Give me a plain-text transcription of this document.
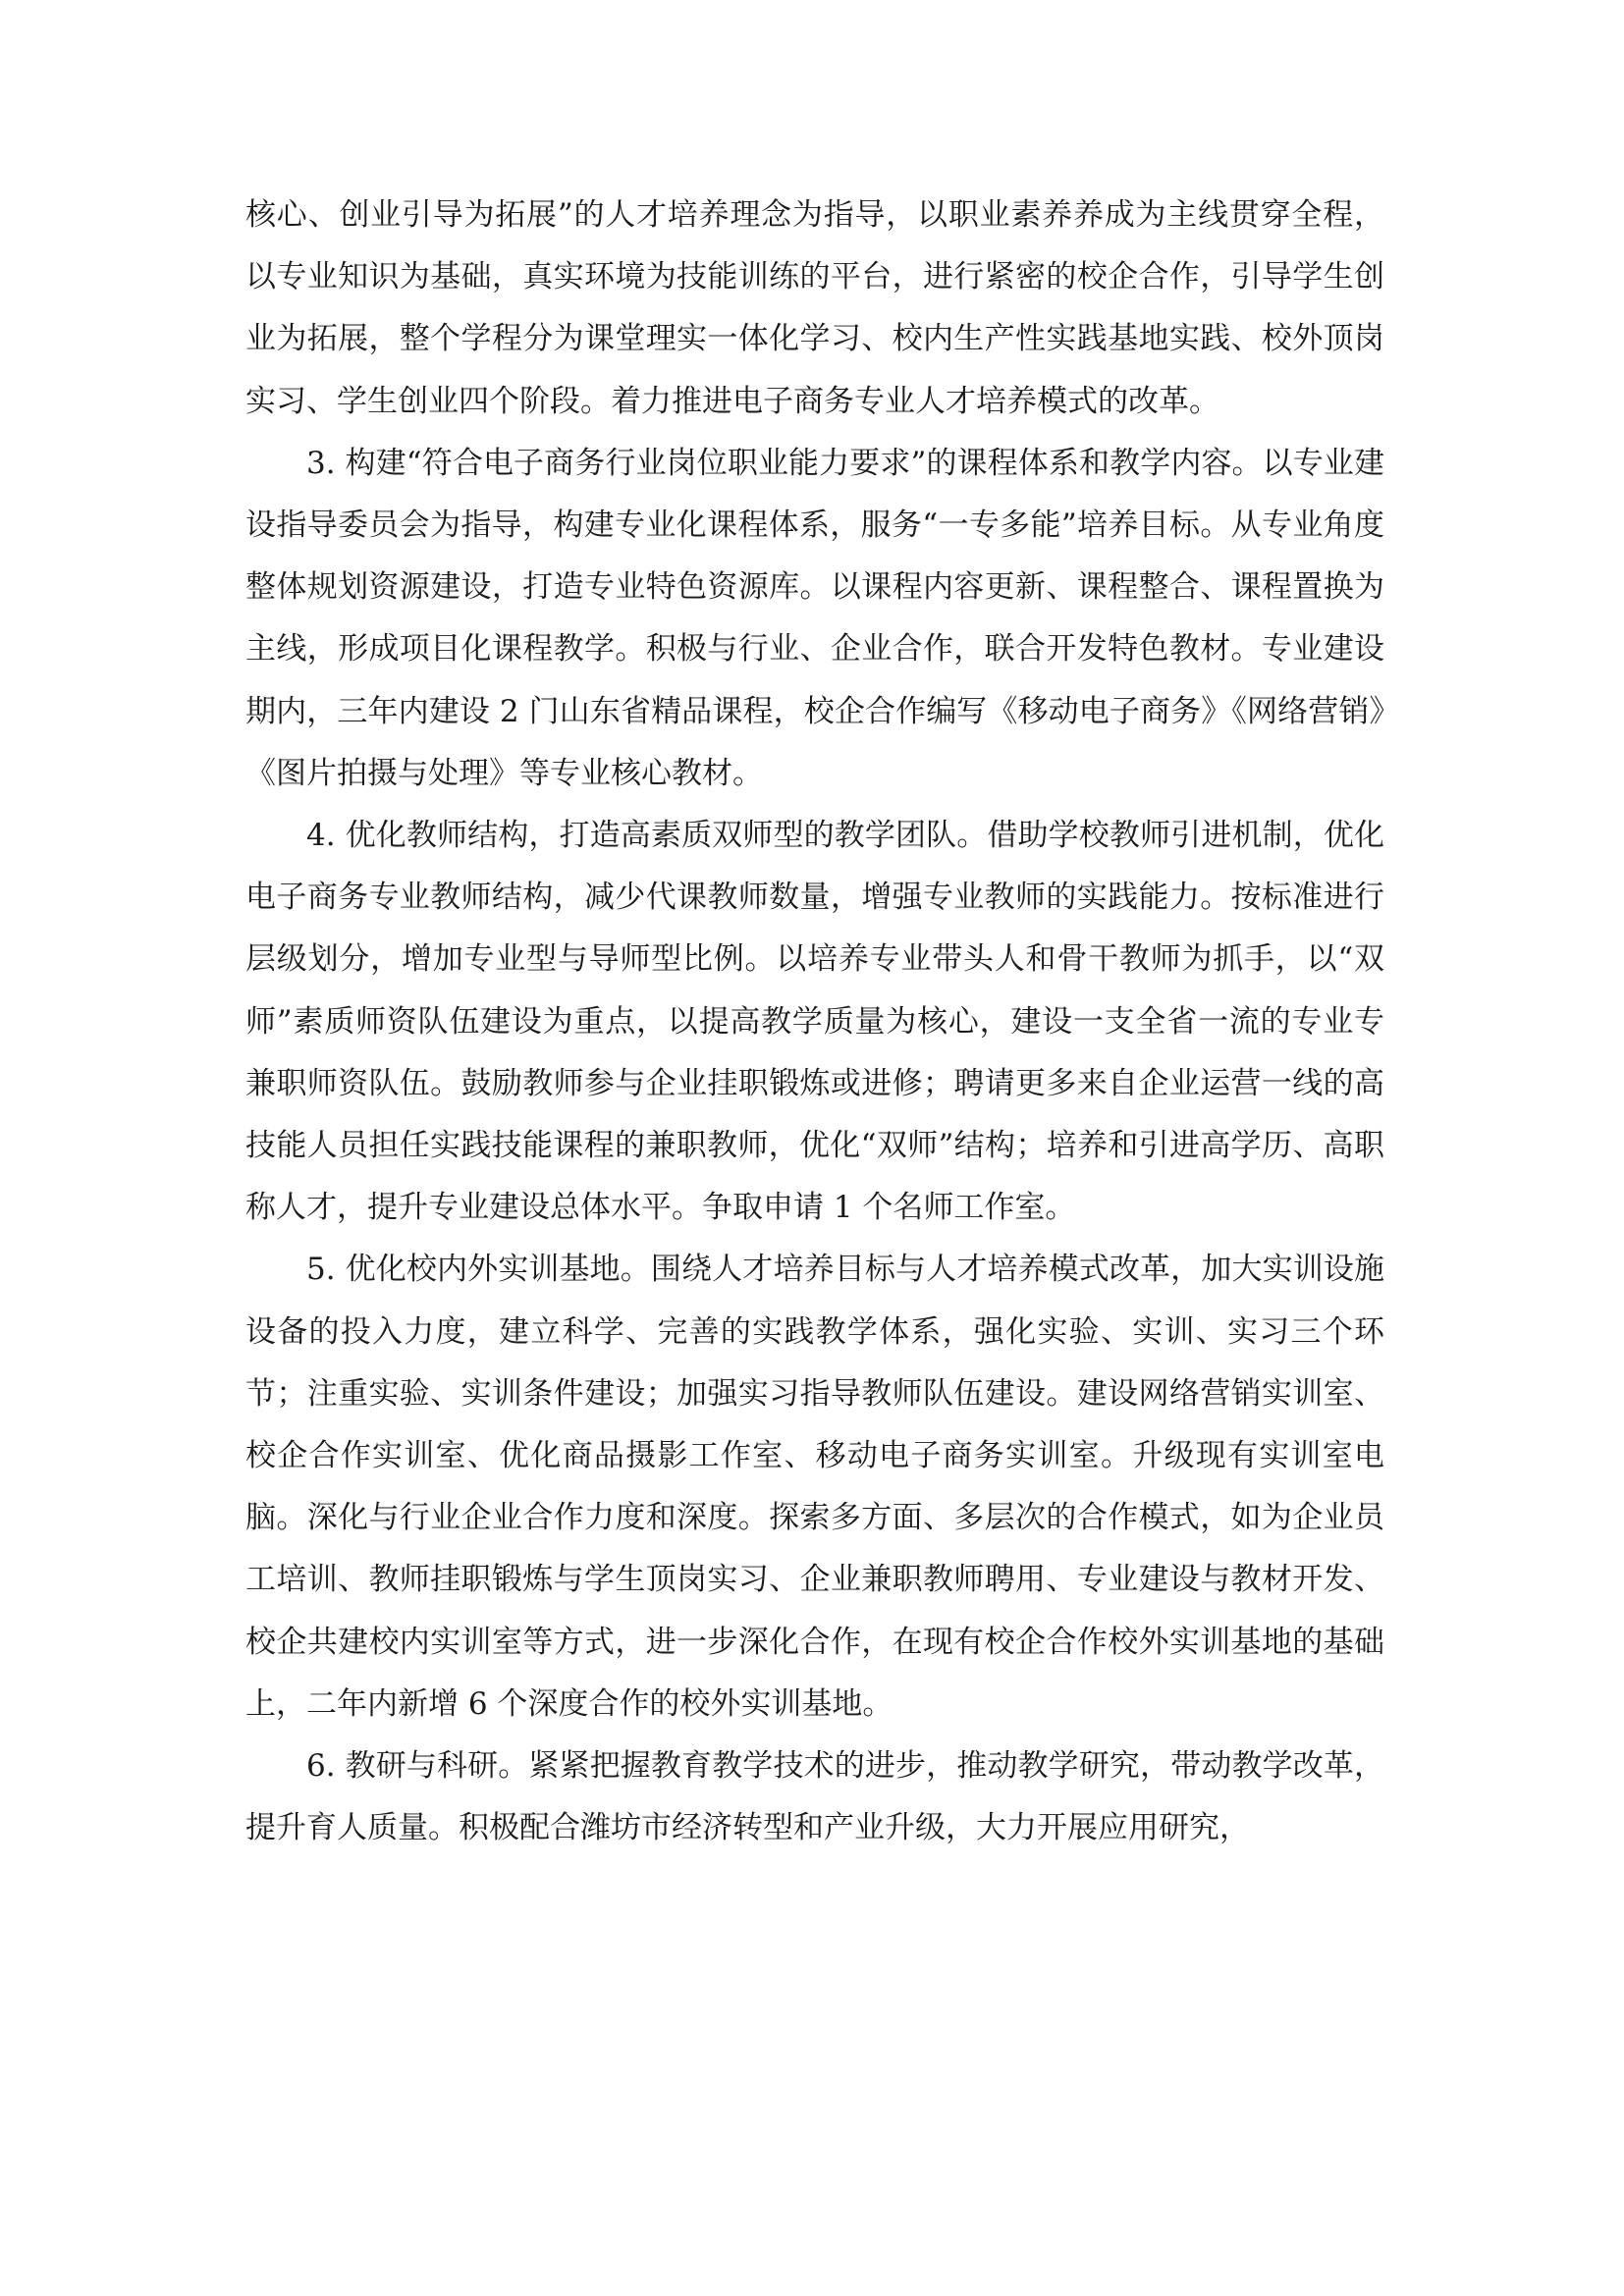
核心、创业引导为拓展”的人才培养理念为指导，以职业素养养成为主线贯穿全程，以专业知识为基础，真实环境为技能训练的平台，进行紧密的校企合作，引导学生创业为拓展，整个学程分为课堂理实一体化学习、校内生产性实践基地实践、校外顶岗实习、学生创业四个阶段。着力推进电子商务专业人才培养模式的改革。

3. 构建“符合电子商务行业岗位职业能力要求”的课程体系和教学内容。以专业建设指导委员会为指导，构建专业化课程体系，服务“一专多能”培养目标。从专业角度整体规划资源建设，打造专业特色资源库。以课程内容更新、课程整合、课程置换为主线，形成项目化课程教学。积极与行业、企业合作，联合开发特色教材。专业建设期内，三年内建设 2 门山东省精品课程，校企合作编写《移动电子商务》《网络营销》《图片拍摄与处理》等专业核心教材。

4. 优化教师结构，打造高素质双师型的教学团队。借助学校教师引进机制，优化电子商务专业教师结构，减少代课教师数量，增强专业教师的实践能力。按标准进行层级划分，增加专业型与导师型比例。以培养专业带头人和骨干教师为抓手，以“双师”素质师资队伍建设为重点，以提高教学质量为核心，建设一支全省一流的专业专兼职师资队伍。鼓励教师参与企业挂职锻炼或进修；聘请更多来自企业运营一线的高技能人员担任实践技能课程的兼职教师，优化“双师”结构；培养和引进高学历、高职称人才，提升专业建设总体水平。争取申请 1 个名师工作室。

5. 优化校内外实训基地。围绕人才培养目标与人才培养模式改革，加大实训设施设备的投入力度，建立科学、完善的实践教学体系，强化实验、实训、实习三个环节；注重实验、实训条件建设；加强实习指导教师队伍建设。建设网络营销实训室、校企合作实训室、优化商品摄影工作室、移动电子商务实训室。升级现有实训室电脑。深化与行业企业合作力度和深度。探索多方面、多层次的合作模式，如为企业员工培训、教师挂职锻炼与学生顶岗实习、企业兼职教师聘用、专业建设与教材开发、校企共建校内实训室等方式，进一步深化合作，在现有校企合作校外实训基地的基础上，二年内新增 6 个深度合作的校外实训基地。

6. 教研与科研。紧紧把握教育教学技术的进步，推动教学研究，带动教学改革，提升育人质量。积极配合潍坊市经济转型和产业升级，大力开展应用研究，
